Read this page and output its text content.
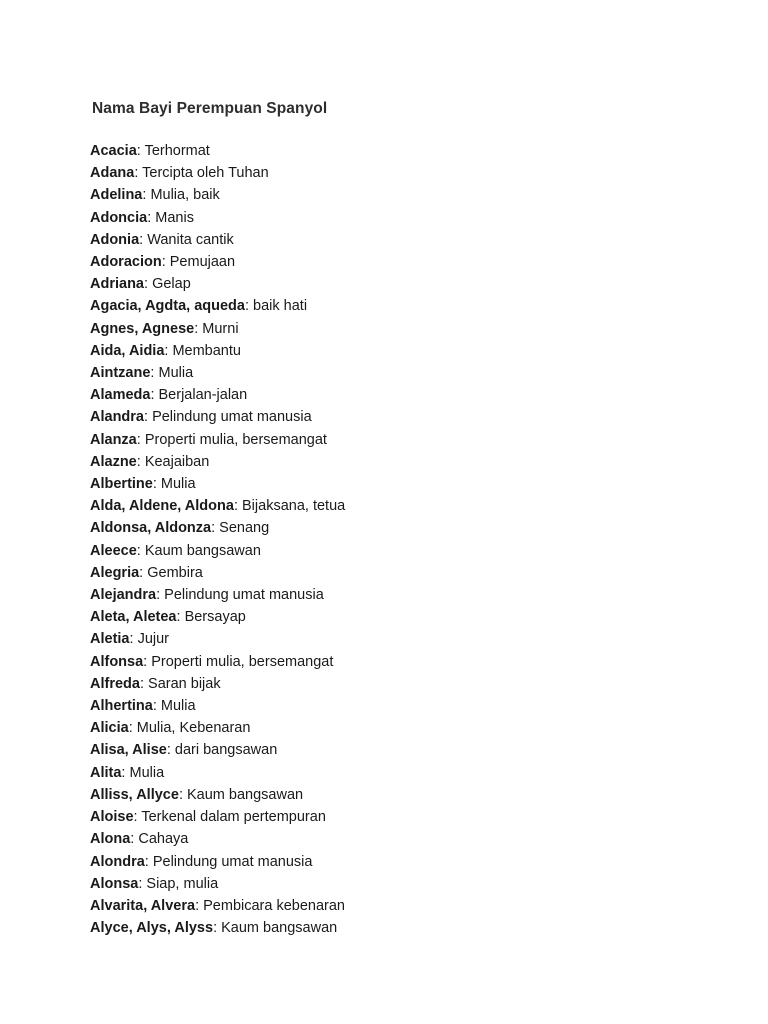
Nama Bayi Perempuan Spanyol
Acacia: Terhormat
Adana: Tercipta oleh Tuhan
Adelina: Mulia, baik
Adoncia: Manis
Adonia: Wanita cantik
Adoracion: Pemujaan
Adriana: Gelap
Agacia, Agdta, aqueda: baik hati
Agnes, Agnese: Murni
Aida, Aidia: Membantu
Aintzane: Mulia
Alameda: Berjalan-jalan
Alandra: Pelindung umat manusia
Alanza: Properti mulia, bersemangat
Alazne: Keajaiban
Albertine: Mulia
Alda, Aldene, Aldona: Bijaksana, tetua
Aldonsa, Aldonza: Senang
Aleece: Kaum bangsawan
Alegria: Gembira
Alejandra: Pelindung umat manusia
Aleta, Aletea: Bersayap
Aletia: Jujur
Alfonsa: Properti mulia, bersemangat
Alfreda: Saran bijak
Alhertina: Mulia
Alicia: Mulia, Kebenaran
Alisa, Alise: dari bangsawan
Alita: Mulia
Alliss, Allyce: Kaum bangsawan
Aloise: Terkenal dalam pertempuran
Alona: Cahaya
Alondra: Pelindung umat manusia
Alonsa: Siap, mulia
Alvarita, Alvera: Pembicara kebenaran
Alyce, Alys, Alyss: Kaum bangsawan
